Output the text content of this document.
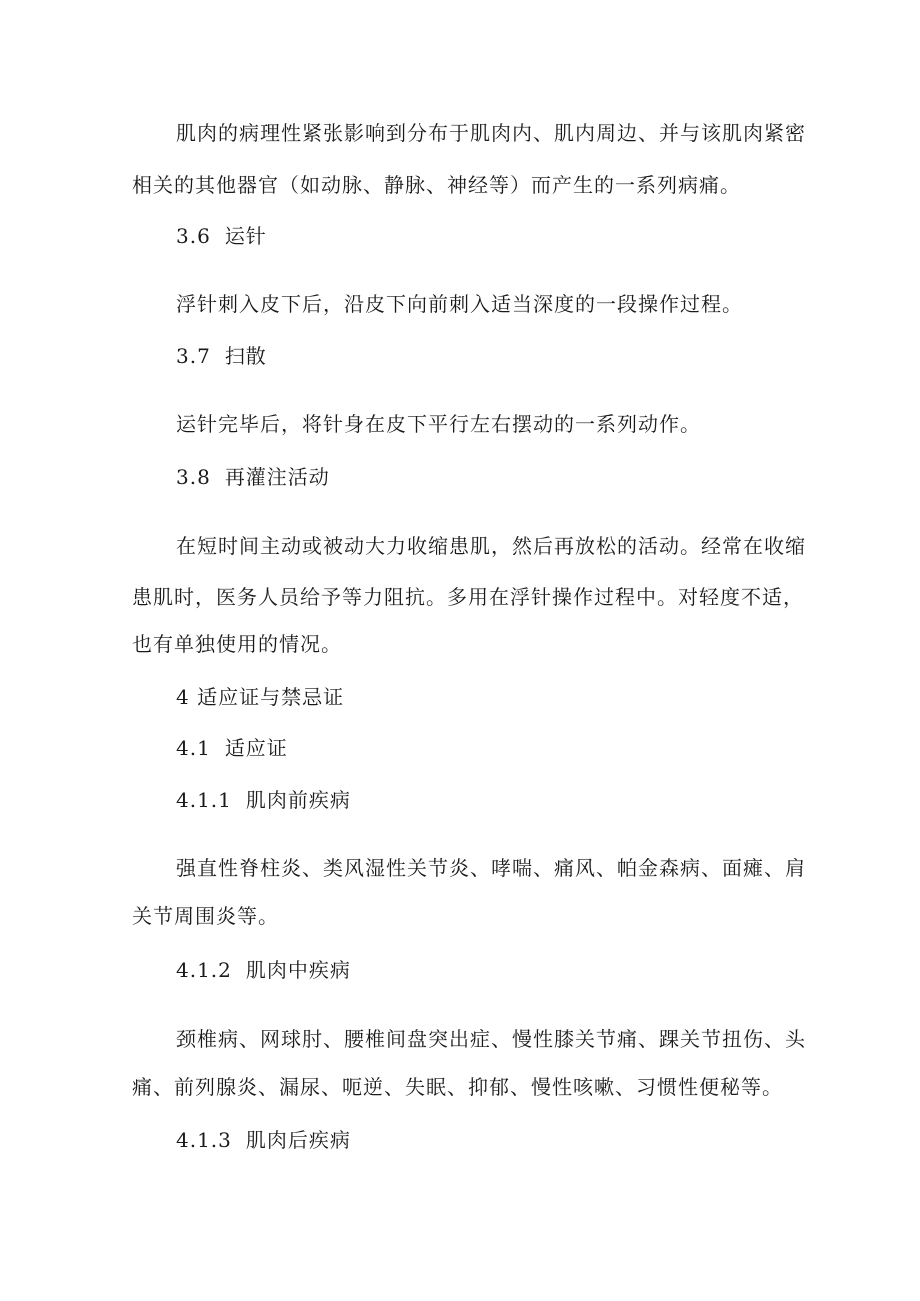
肌肉的病理性紧张影响到分布于肌肉内、肌内周边、并与该肌肉紧密
相关的其他器官（如动脉、静脉、神经等）而产生的一系列病痛。
3.6 运针
浮针刺入皮下后，沿皮下向前刺入适当深度的一段操作过程。
3.7 扫散
运针完毕后，将针身在皮下平行左右摆动的一系列动作。
3.8 再灌注活动
在短时间主动或被动大力收缩患肌，然后再放松的活动。经常在收缩
患肌时，医务人员给予等力阻抗。多用在浮针操作过程中。对轻度不适，
也有单独使用的情况。
4 适应证与禁忌证
4.1 适应证
4.1.1 肌肉前疾病
强直性脊柱炎、类风湿性关节炎、哮喘、痛风、帕金森病、面瘫、肩
关节周围炎等。
4.1.2 肌肉中疾病
颈椎病、网球肘、腰椎间盘突出症、慢性膝关节痛、踝关节扭伤、头
痛、前列腺炎、漏尿、呃逆、失眠、抑郁、慢性咳嗽、习惯性便秘等。
4.1.3 肌肉后疾病
